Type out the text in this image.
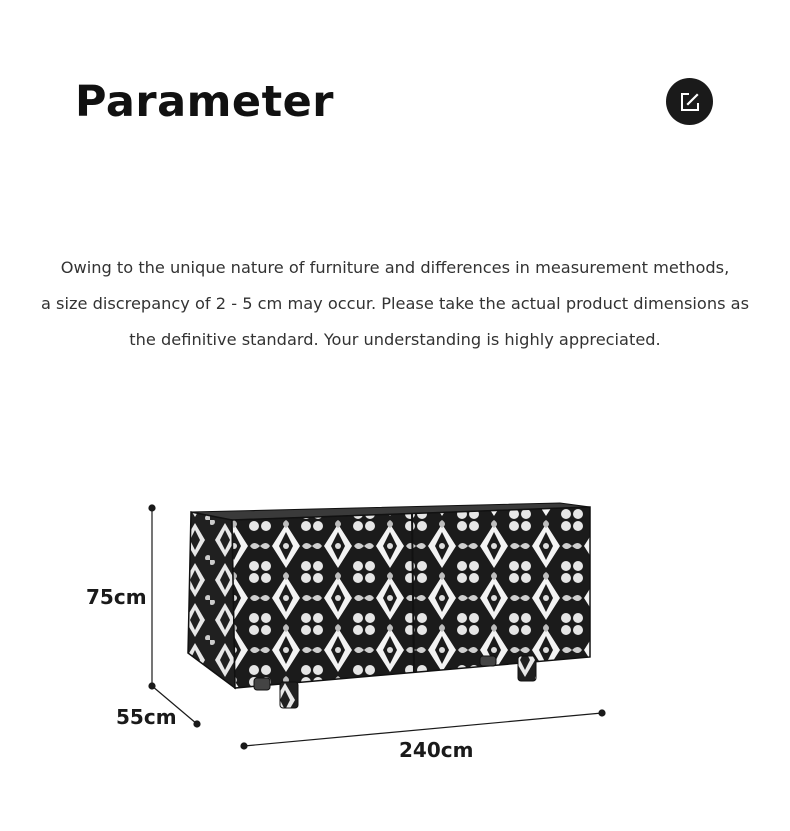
Parameter
Owing to the unique nature of furniture and differences in measurement methods,
a size discrepancy of 2 - 5 cm may occur. Please take the actual product dimensions as
the definitive standard. Your understanding is highly appreciated.
75cm
55cm
240cm
